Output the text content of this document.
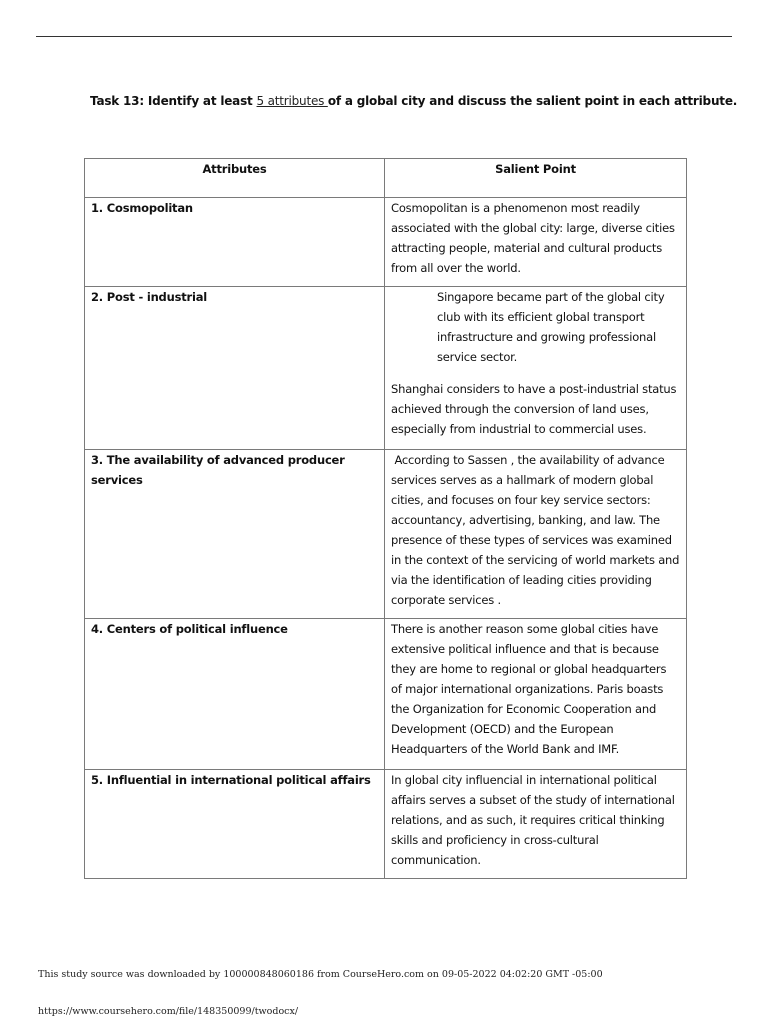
Task 13: Identify at least 5 attributes of a global city and discuss the salient point in each attribute.
Attributes	Salient Point
1. Cosmopolitan	Cosmopolitan is a phenomenon most readily associated with the global city: large, diverse cities attracting people, material and cultural products from all over the world.

2. Post - industrial	Singapore became part of the global city club with its efficient global transport infrastructure and growing professional service sector.
Shanghai considers to have a post-industrial status achieved through the conversion of land uses, especially from industrial to commercial uses.

3. The availability of advanced producer services	According to Sassen , the availability of advance services serves as a hallmark of modern global cities, and focuses on four key service sectors: accountancy, advertising, banking, and law. The presence of these types of services was examined in the context of the servicing of world markets and via the identification of leading cities providing corporate services .

4. Centers of political influence	There is another reason some global cities have extensive political influence and that is because they are home to regional or global headquarters of major international organizations. Paris boasts the Organization for Economic Cooperation and Development (OECD) and the European Headquarters of the World Bank and IMF.

5. Influential in international political affairs	In global city influencial in international political affairs serves a subset of the study of international relations, and as such, it requires critical thinking skills and proficiency in cross-cultural communication.
This study source was downloaded by 100000848060186 from CourseHero.com on 09-05-2022 04:02:20 GMT -05:00
https://www.coursehero.com/file/148350099/twodocx/
